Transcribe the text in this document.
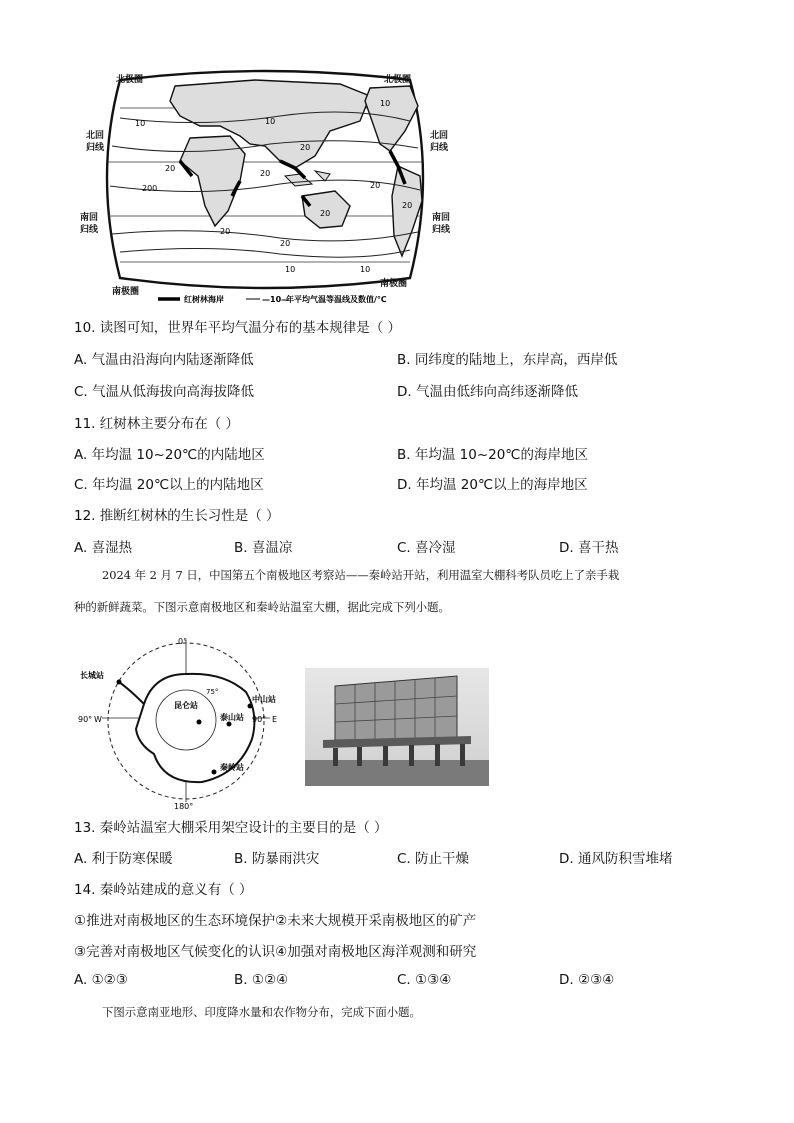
10
20
20
20
20
10
10
20
200
20
20
20
10	10
红树林海岸	—10—
年平均气温等温线及数值/℃
北极圈	北极圈
北回归线
北回归线
南回归线
南回归线
南极圈
南极圈
10. 读图可知，世界年平均气温分布的基本规律是（ ）
A. 气温由沿海向内陆逐渐降低	B. 同纬度的陆地上，东岸高，西岸低
C. 气温从低海拔向高海拔降低	D. 气温由低纬向高纬逐渐降低
11. 红树林主要分布在（ ）
A. 年均温 10~20℃的内陆地区	B. 年均温 10~20℃的海岸地区
C. 年均温 20℃以上的内陆地区	D. 年均温 20℃以上的海岸地区
12. 推断红树林的生长习性是（ ）
A. 喜湿热	B. 喜温凉	C. 喜冷湿	D. 喜干热
2024 年 2 月 7 日，中国第五个南极地区考察站——秦岭站开站，利用温室大棚科考队员吃上了亲手栽
种的新鲜蔬菜。下图示意南极地区和秦岭站温室大棚，据此完成下列小题。
0°
180°
90° W	90° E
75°
长城站
中山站
昆仑站
泰山站
秦岭站
13. 秦岭站温室大棚采用架空设计的主要目的是（ ）
A. 利于防寒保暖	B. 防暴雨洪灾	C. 防止干燥	D. 通风防积雪堆堵
14. 秦岭站建成的意义有（ ）
①推进对南极地区的生态环境保护②未来大规模开采南极地区的矿产
③完善对南极地区气候变化的认识④加强对南极地区海洋观测和研究
A. ①②③	B. ①②④	C. ①③④	D. ②③④
下图示意南亚地形、印度降水量和农作物分布，完成下面小题。
